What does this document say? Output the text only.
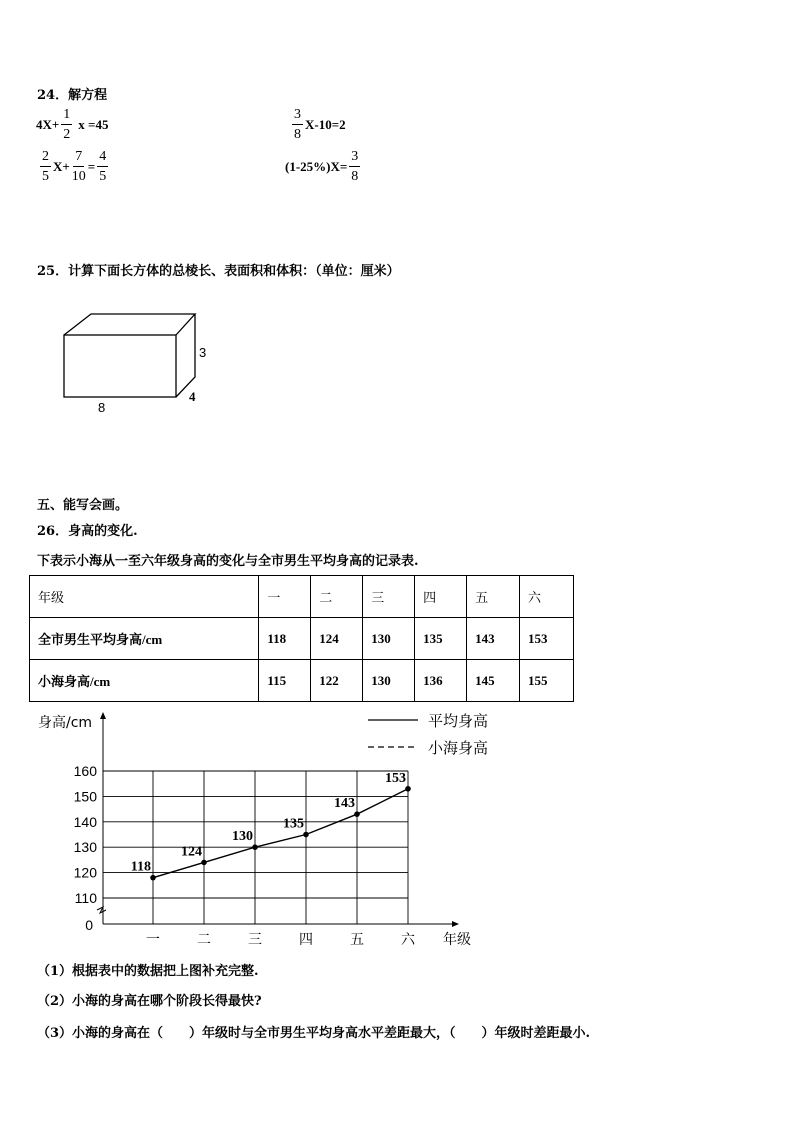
24．解方程
$4X+ \frac{1}{2}$ x =45	$\frac{3}{8} X-10=2$
$\frac{2}{5} X+ \frac{7}{10} = \frac{4}{5}$	$(1-25\%)X= \frac{3}{8}$
25．计算下面长方体的总棱长、表面积和体积：（单位：厘米）
3
4
8
五、能写会画。
26．身高的变化.
下表示小海从一至六年级身高的变化与全市男生平均身高的记录表.
年级	一	二	三	四	五	六
全市男生平均身高/cm	118	124	130	135	143	153
小海身高/cm	115	122	130	136	145	155
110
120
130
140
150
160
0
身高/cm
一	二	三	四	五	六 年级
平均身高
小海身高
118
124
130
135
143
153
（1）根据表中的数据把上图补充完整.
（2）小海的身高在哪个阶段长得最快?
（3）小海的身高在（　　）年级时与全市男生平均身高水平差距最大，（　　）年级时差距最小.
